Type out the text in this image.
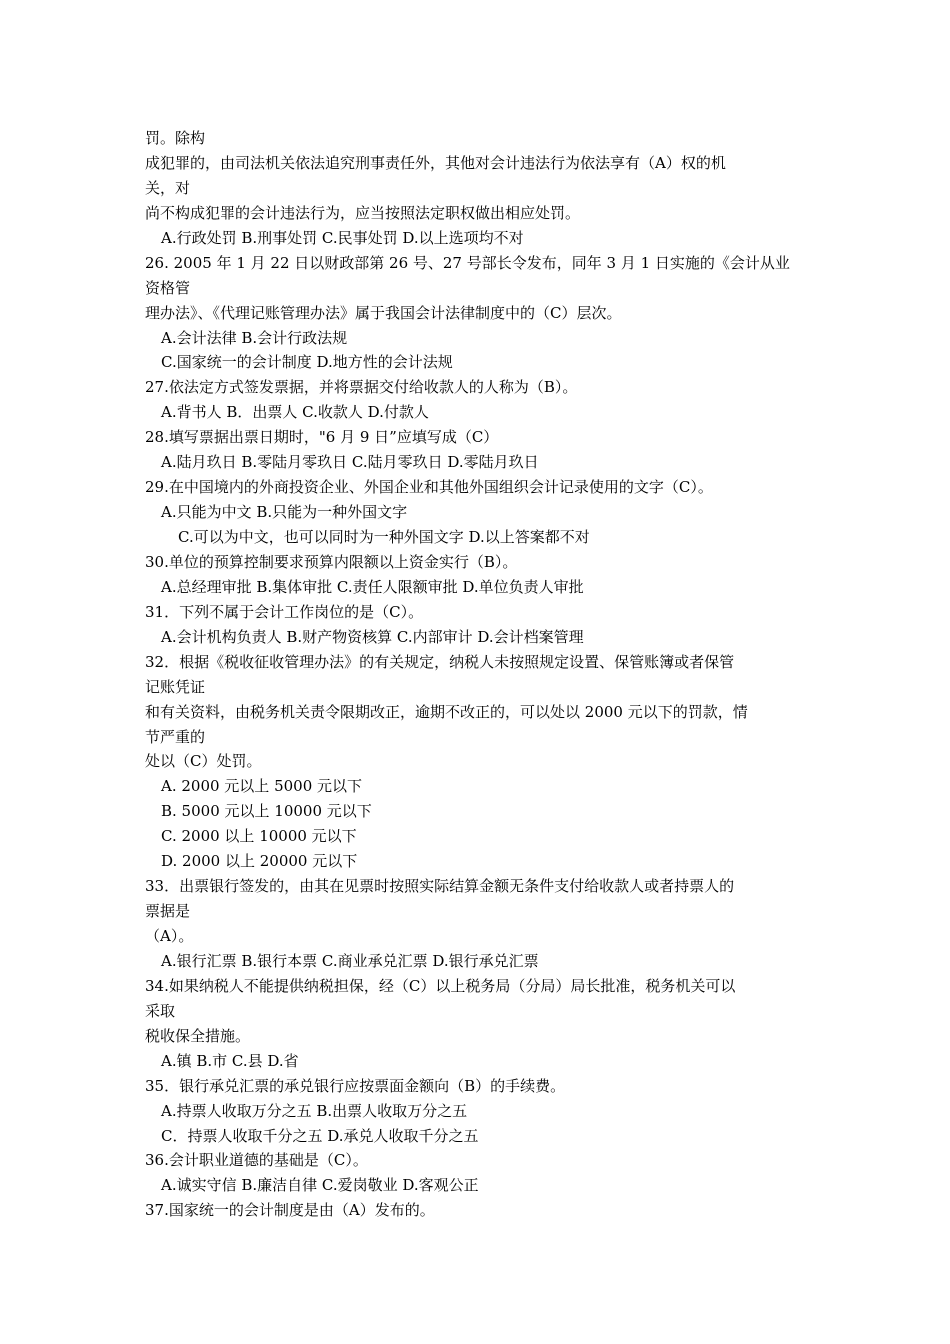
罚。除构
成犯罪的，由司法机关依法追究刑事责任外，其他对会计违法行为依法享有（A）权的机
关，对
尚不构成犯罪的会计违法行为，应当按照法定职权做出相应处罚。
A.行政处罚 B.刑事处罚 C.民事处罚 D.以上选项均不对
26. 2005 年 1 月 22 日以财政部第 26 号、27 号部长令发布，同年 3 月 1 日实施的《会计从业
资格管
理办法》、《代理记账管理办法》属于我国会计法律制度中的（C）层次。
A.会计法律 B.会计行政法规
C.国家统一的会计制度 D.地方性的会计法规
27.依法定方式签发票据，并将票据交付给收款人的人称为（B）。
A.背书人 B．出票人 C.收款人 D.付款人
28.填写票据出票日期时，"6 月 9 日”应填写成（C）
A.陆月玖日 B.零陆月零玖日 C.陆月零玖日 D.零陆月玖日
29.在中国境内的外商投资企业、外国企业和其他外国组织会计记录使用的文字（C）。
A.只能为中文 B.只能为一种外国文字
C.可以为中文，也可以同时为一种外国文字 D.以上答案都不对
30.单位的预算控制要求预算内限额以上资金实行（B）。
A.总经理审批 B.集体审批 C.责任人限额审批 D.单位负责人审批
31．下列不属于会计工作岗位的是（C）。
A.会计机构负责人 B.财产物资核算 C.内部审计 D.会计档案管理
32．根据《税收征收管理办法》的有关规定，纳税人未按照规定设置、保管账簿或者保管
记账凭证
和有关资料，由税务机关责令限期改正，逾期不改正的，可以处以 2000 元以下的罚款，情
节严重的
处以（C）处罚。
A. 2000 元以上 5000 元以下
B. 5000 元以上 10000 元以下
C. 2000 以上 10000 元以下
D. 2000 以上 20000 元以下
33．出票银行签发的，由其在见票时按照实际结算金额无条件支付给收款人或者持票人的
票据是
（A）。
A.银行汇票 B.银行本票 C.商业承兑汇票 D.银行承兑汇票
34.如果纳税人不能提供纳税担保，经（C）以上税务局（分局）局长批准，税务机关可以
采取
税收保全措施。
A.镇 B.市 C.县 D.省
35．银行承兑汇票的承兑银行应按票面金额向（B）的手续费。
A.持票人收取万分之五 B.出票人收取万分之五
C．持票人收取千分之五 D.承兑人收取千分之五
36.会计职业道德的基础是（C）。
A.诚实守信 B.廉洁自律 C.爱岗敬业 D.客观公正
37.国家统一的会计制度是由（A）发布的。
